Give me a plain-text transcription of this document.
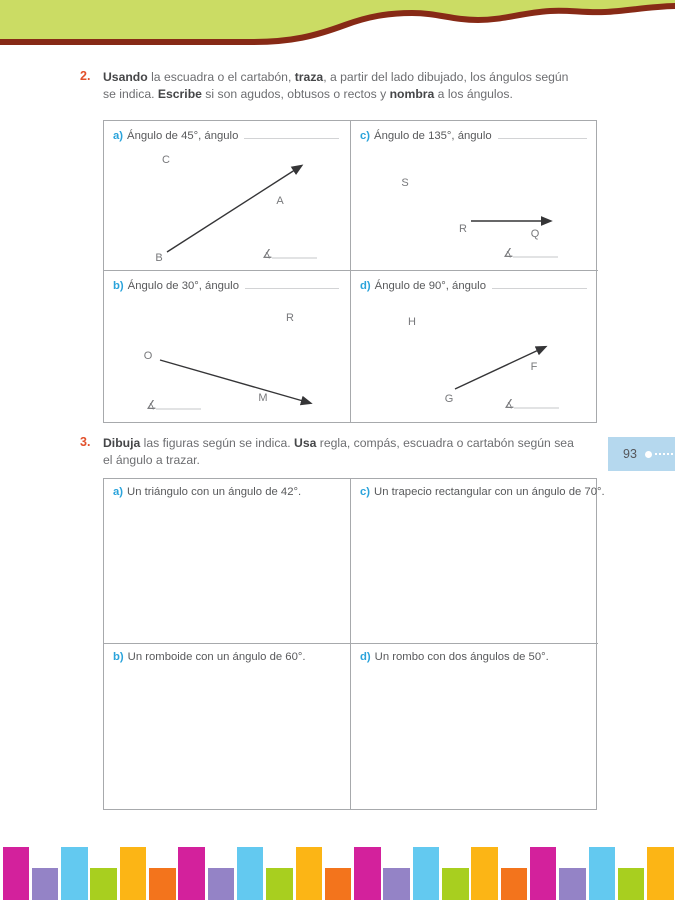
2.	Usando la escuadra o el cartabón, traza, a partir del lado dibujado, los ángulos según se indica. Escribe si son agudos, obtusos o rectos y nombra a los ángulos.
a) Ángulo de 45°, ángulo
C
A
B	∡
c) Ángulo de 135°, ángulo
S
R	Q
∡
b) Ángulo de 30°, ángulo
R
O
M
∡
d) Ángulo de 90°, ángulo
H
G
F
∡
3.	Dibuja las figuras según se indica. Usa regla, compás, escuadra o cartabón según sea el ángulo a trazar.	93
a) Un triángulo con un ángulo de 42°.	c) Un trapecio rectangular con un ángulo de 70°.
b) Un romboide con un ángulo de 60°.	d) Un rombo con dos ángulos de 50°.
